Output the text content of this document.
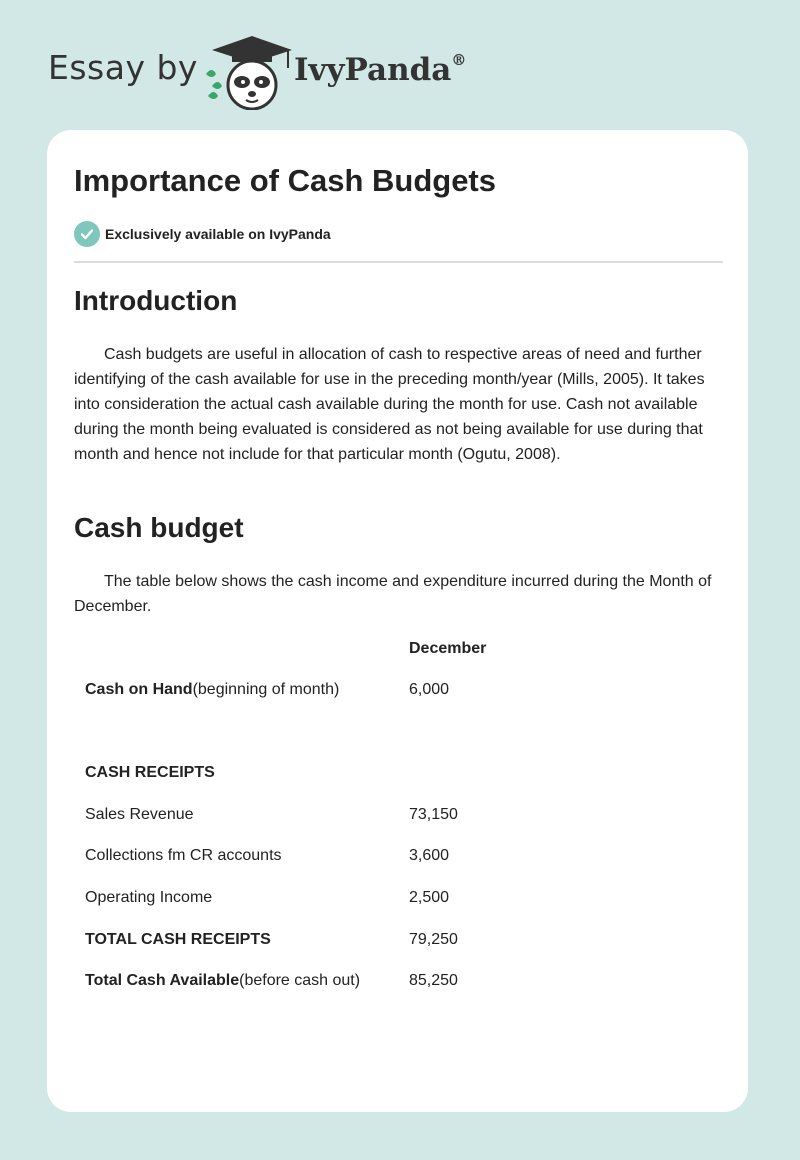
Essay by	IvyPanda®
Importance of Cash Budgets
Exclusively available on IvyPanda
Introduction

Cash budgets are useful in allocation of cash to respective areas of need and further identifying of the cash available for use in the preceding month/year (Mills, 2005). It takes into consideration the actual cash available during the month for use. Cash not available during the month being evaluated is considered as not being available for use during that month and hence not include for that particular month (Ogutu, 2008).

Cash budget

The table below shows the cash income and expenditure incurred during the Month of December.

December
Cash on Hand(beginning of month)	6,000
CASH RECEIPTS
Sales Revenue	73,150
Collections fm CR accounts	3,600
Operating Income	2,500
TOTAL CASH RECEIPTS	79,250
Total Cash Available(before cash out)	85,250
